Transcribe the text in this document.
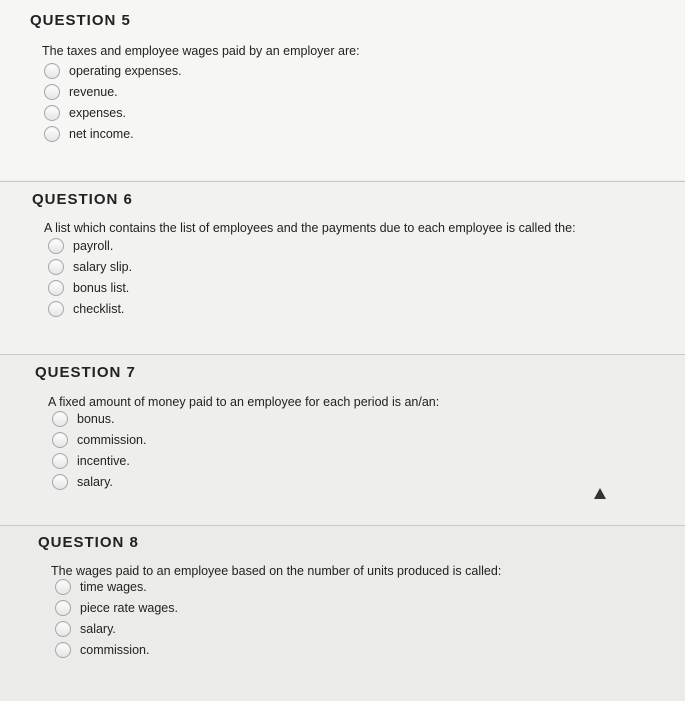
QUESTION 5
The taxes and employee wages paid by an employer are:
operating expenses.
revenue.
expenses.
net income.
QUESTION 6
A list which contains the list of employees and the payments due to each employee is called the:
payroll.
salary slip.
bonus list.
checklist.
QUESTION 7
A fixed amount of money paid to an employee for each period is an/an:
bonus.
commission.
incentive.
salary.
QUESTION 8
The wages paid to an employee based on the number of units produced is called:
time wages.
piece rate wages.
salary.
commission.
